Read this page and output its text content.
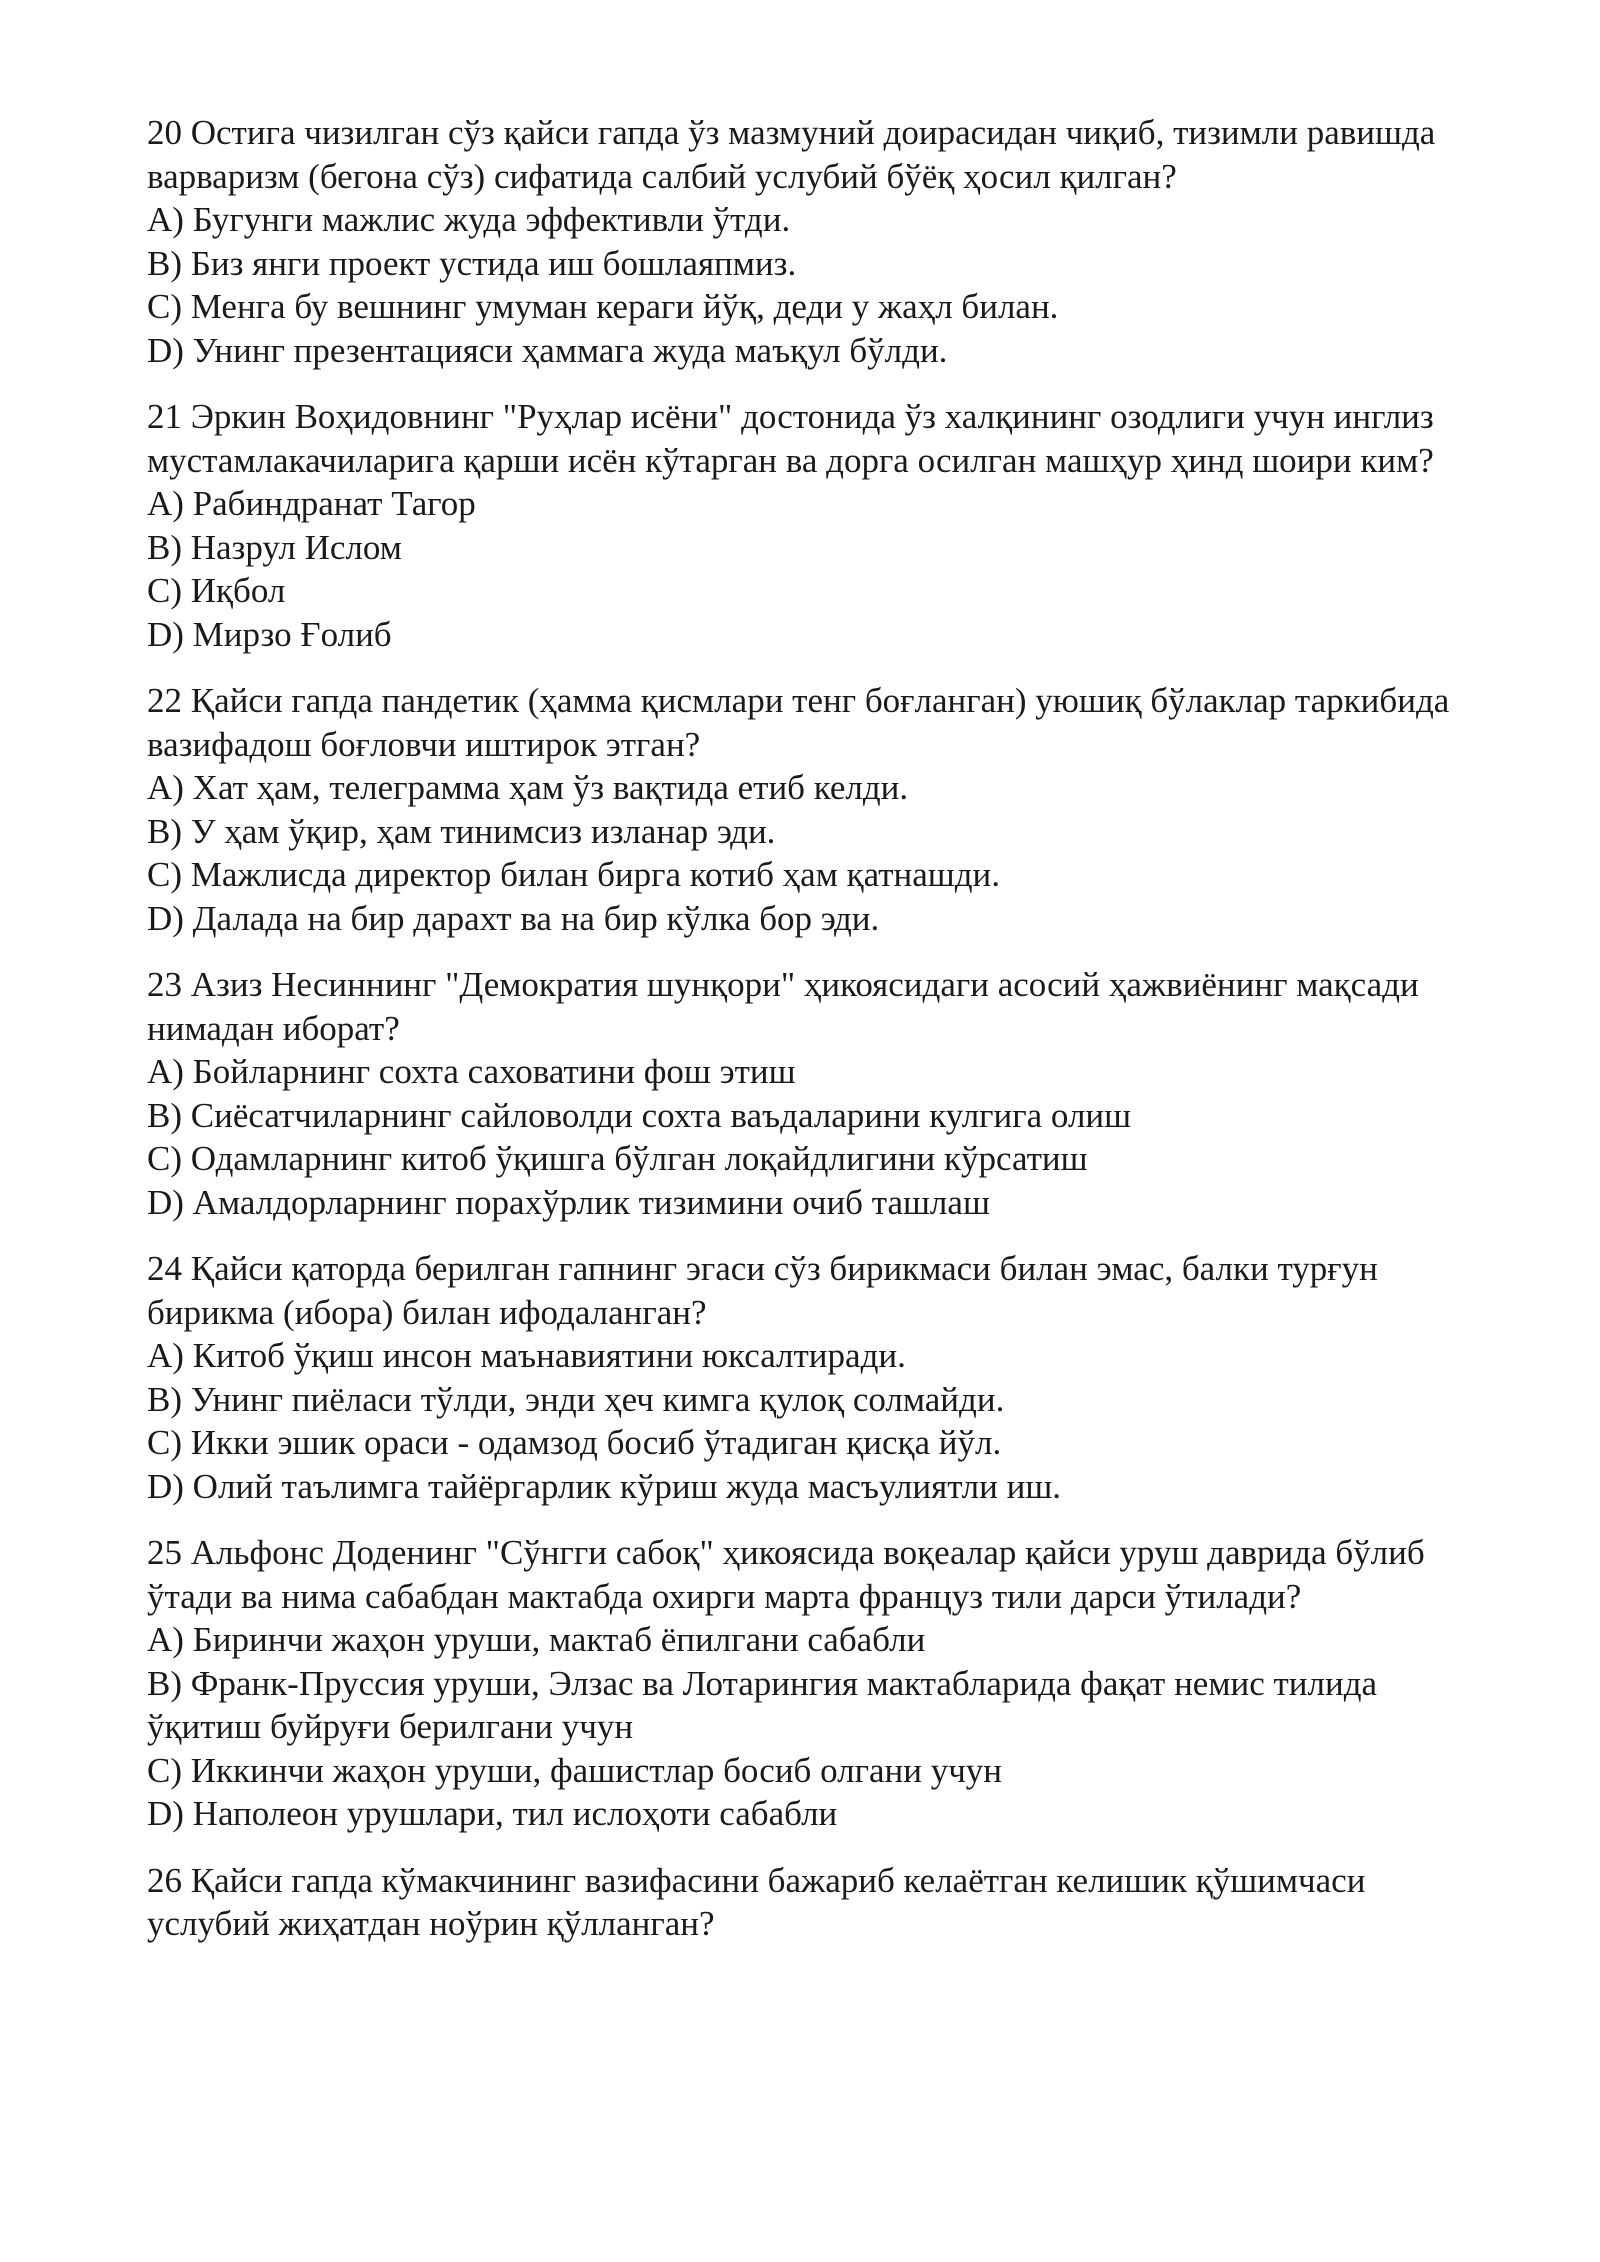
20 Остига чизилган сўз қайси гапда ўз мазмуний доирасидан чиқиб, тизимли равишда варваризм (бегона сўз) сифатида салбий услубий бўёқ ҳосил қилган?

A) Бугунги мажлис жуда эффективли ўтди.
B) Биз янги проект устида иш бошлаяпмиз.
C) Менга бу вешнинг умуман кераги йўқ, деди у жаҳл билан.
D) Унинг презентацияси ҳаммага жуда маъқул бўлди.

21 Эркин Воҳидовнинг "Руҳлар исёни" достонида ўз халқининг озодлиги учун инглиз мустамлакачиларига қарши исён кўтарган ва дорга осилган машҳур ҳинд шоири ким?

A) Рабиндранат Тагор
B) Назрул Ислом
C) Иқбол
D) Мирзо Ғолиб

22 Қайси гапда пандетик (ҳамма қисмлари тенг боғланган) уюшиқ бўлаклар таркибида вазифадош боғловчи иштирок этган?

A) Хат ҳам, телеграмма ҳам ўз вақтида етиб келди.
B) У ҳам ўқир, ҳам тинимсиз изланар эди.
C) Мажлисда директор билан бирга котиб ҳам қатнашди.
D) Далада на бир дарахт ва на бир кўлка бор эди.

23 Азиз Несиннинг "Демократия шунқори" ҳикоясидаги асосий ҳажвиёнинг мақсади нимадан иборат?

A) Бойларнинг сохта саховатини фош этиш
B) Сиёсатчиларнинг сайловолди сохта ваъдаларини кулгига олиш
C) Одамларнинг китоб ўқишга бўлган лоқайдлигини кўрсатиш
D) Амалдорларнинг порахўрлик тизимини очиб ташлаш

24 Қайси қаторда берилган гапнинг эгаси сўз бирикмаси билан эмас, балки турғун бирикма (ибора) билан ифодаланган?

A) Китоб ўқиш инсон маънавиятини юксалтиради.
B) Унинг пиёласи тўлди, энди ҳеч кимга қулоқ солмайди.
C) Икки эшик ораси - одамзод босиб ўтадиган қисқа йўл.
D) Олий таълимга тайёргарлик кўриш жуда масъулиятли иш.

25 Альфонс Доденинг "Сўнгги сабоқ" ҳикоясида воқеалар қайси уруш даврида бўлиб ўтади ва нима сабабдан мактабда охирги марта француз тили дарси ўтилади?

A) Биринчи жаҳон уруши, мактаб ёпилгани сабабли
B) Франк-Пруссия уруши, Элзас ва Лотарингия мактабларида фақат немис тилида ўқитиш буйруғи берилгани учун
C) Иккинчи жаҳон уруши, фашистлар босиб олгани учун
D) Наполеон урушлари, тил ислоҳоти сабабли

26 Қайси гапда кўмакчининг вазифасини бажариб келаётган келишик қўшимчаси услубий жиҳатдан ноўрин қўлланган?
